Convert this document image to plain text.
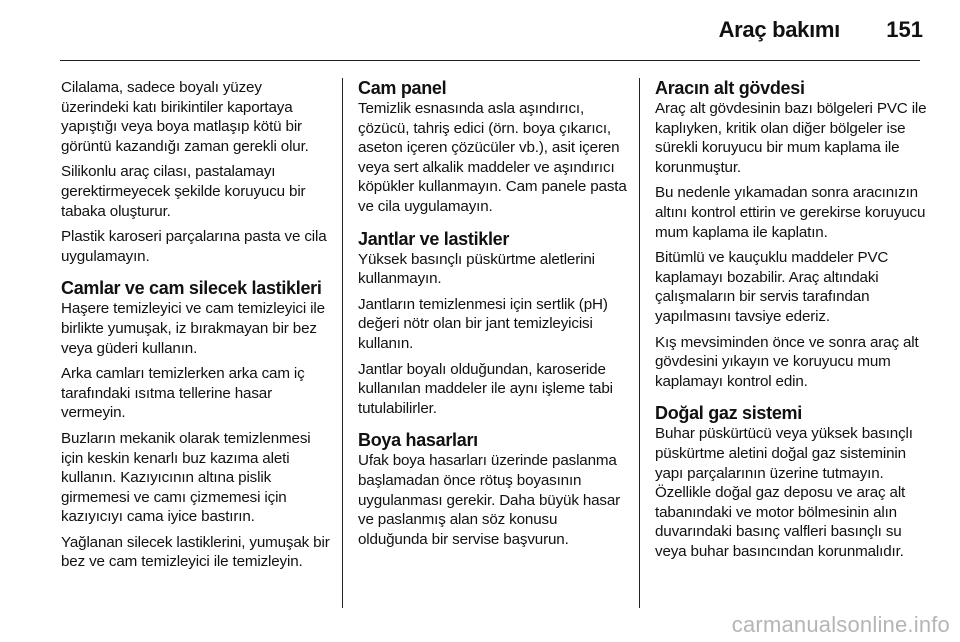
Araç bakımı 151

Cilalama, sadece boyalı yüzey üzerindeki katı birikintiler kaportaya yapıştığı veya boya matlaşıp kötü bir görüntü kazandığı zaman gerekli olur.

Silikonlu araç cilası, pastalamayı gerektirmeyecek şekilde koruyucu bir tabaka oluşturur.

Plastik karoseri parçalarına pasta ve cila uygulamayın.

Camlar ve cam silecek lastikleri

Haşere temizleyici ve cam temizleyici ile birlikte yumuşak, iz bırakmayan bir bez veya güderi kullanın.

Arka camları temizlerken arka cam iç tarafındaki ısıtma tellerine hasar vermeyin.

Buzların mekanik olarak temizlenmesi için keskin kenarlı buz kazıma aleti kullanın. Kazıyıcının altına pislik girmemesi ve camı çizmemesi için kazıyıcıyı cama iyice bastırın.

Yağlanan silecek lastiklerini, yumuşak bir bez ve cam temizleyici ile temizleyin.

Cam panel

Temizlik esnasında asla aşındırıcı, çözücü, tahriş edici (örn. boya çıkarıcı, aseton içeren çözücüler vb.), asit içeren veya sert alkalik maddeler ve aşındırıcı köpükler kullanmayın. Cam panele pasta ve cila uygulamayın.

Jantlar ve lastikler

Yüksek basınçlı püskürtme aletlerini kullanmayın.

Jantların temizlenmesi için sertlik (pH) değeri nötr olan bir jant temizleyicisi kullanın.

Jantlar boyalı olduğundan, karoseride kullanılan maddeler ile aynı işleme tabi tutulabilirler.

Boya hasarları

Ufak boya hasarları üzerinde paslanma başlamadan önce rötuş boyasının uygulanması gerekir. Daha büyük hasar ve paslanmış alan söz konusu olduğunda bir servise başvurun.

Aracın alt gövdesi

Araç alt gövdesinin bazı bölgeleri PVC ile kaplıyken, kritik olan diğer bölgeler ise sürekli koruyucu bir mum kaplama ile korunmuştur.

Bu nedenle yıkamadan sonra aracınızın altını kontrol ettirin ve gerekirse koruyucu mum kaplama ile kaplatın.

Bitümlü ve kauçuklu maddeler PVC kaplamayı bozabilir. Araç altındaki çalışmaların bir servis tarafından yapılmasını tavsiye ederiz.

Kış mevsiminden önce ve sonra araç alt gövdesini yıkayın ve koruyucu mum kaplamayı kontrol edin.

Doğal gaz sistemi

Buhar püskürtücü veya yüksek basınçlı püskürtme aletini doğal gaz sisteminin yapı parçalarının üzerine tutmayın. Özellikle doğal gaz deposu ve araç alt tabanındaki ve motor bölmesinin alın duvarındaki basınç valfleri basınçlı su veya buhar basıncından korunmalıdır.

carmanualsonline.info
